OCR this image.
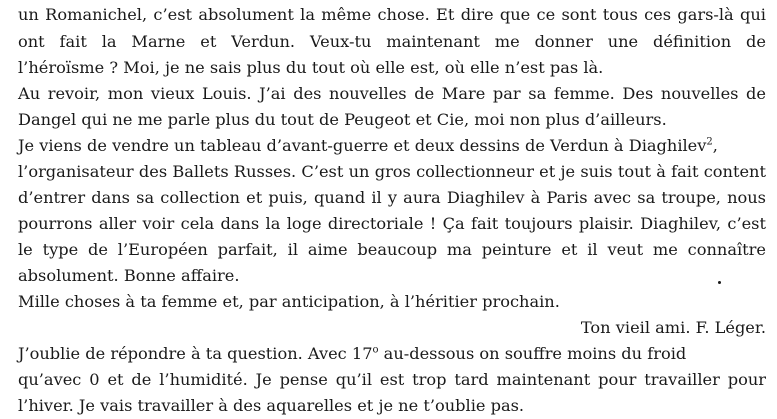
un Romanichel, c’est absolument la même chose. Et dire que ce sont tous ces gars-là qui
ont fait la Marne et Verdun. Veux-tu maintenant me donner une définition de
l’héroïsme ? Moi, je ne sais plus du tout où elle est, où elle n’est pas là.
Au revoir, mon vieux Louis. J’ai des nouvelles de Mare par sa femme. Des nouvelles de
Dangel qui ne me parle plus du tout de Peugeot et Cie, moi non plus d’ailleurs.
Je viens de vendre un tableau d’avant-guerre et deux dessins de Verdun à Diaghilev$^2$,
l’organisateur des Ballets Russes. C’est un gros collectionneur et je suis tout à fait content
d’entrer dans sa collection et puis, quand il y aura Diaghilev à Paris avec sa troupe, nous
pourrons aller voir cela dans la loge directoriale ! Ça fait toujours plaisir. Diaghilev, c’est
le type de l’Européen parfait, il aime beaucoup ma peinture et il veut me connaître
absolument. Bonne affaire.
Mille choses à ta femme et, par anticipation, à l’héritier prochain.
Ton vieil ami. F. Léger.
J’oublie de répondre à ta question. Avec 17$^o$ au-dessous on souffre moins du froid
qu’avec 0 et de l’humidité. Je pense qu’il est trop tard maintenant pour travailler pour
l’hiver. Je vais travailler à des aquarelles et je ne t’oublie pas.
